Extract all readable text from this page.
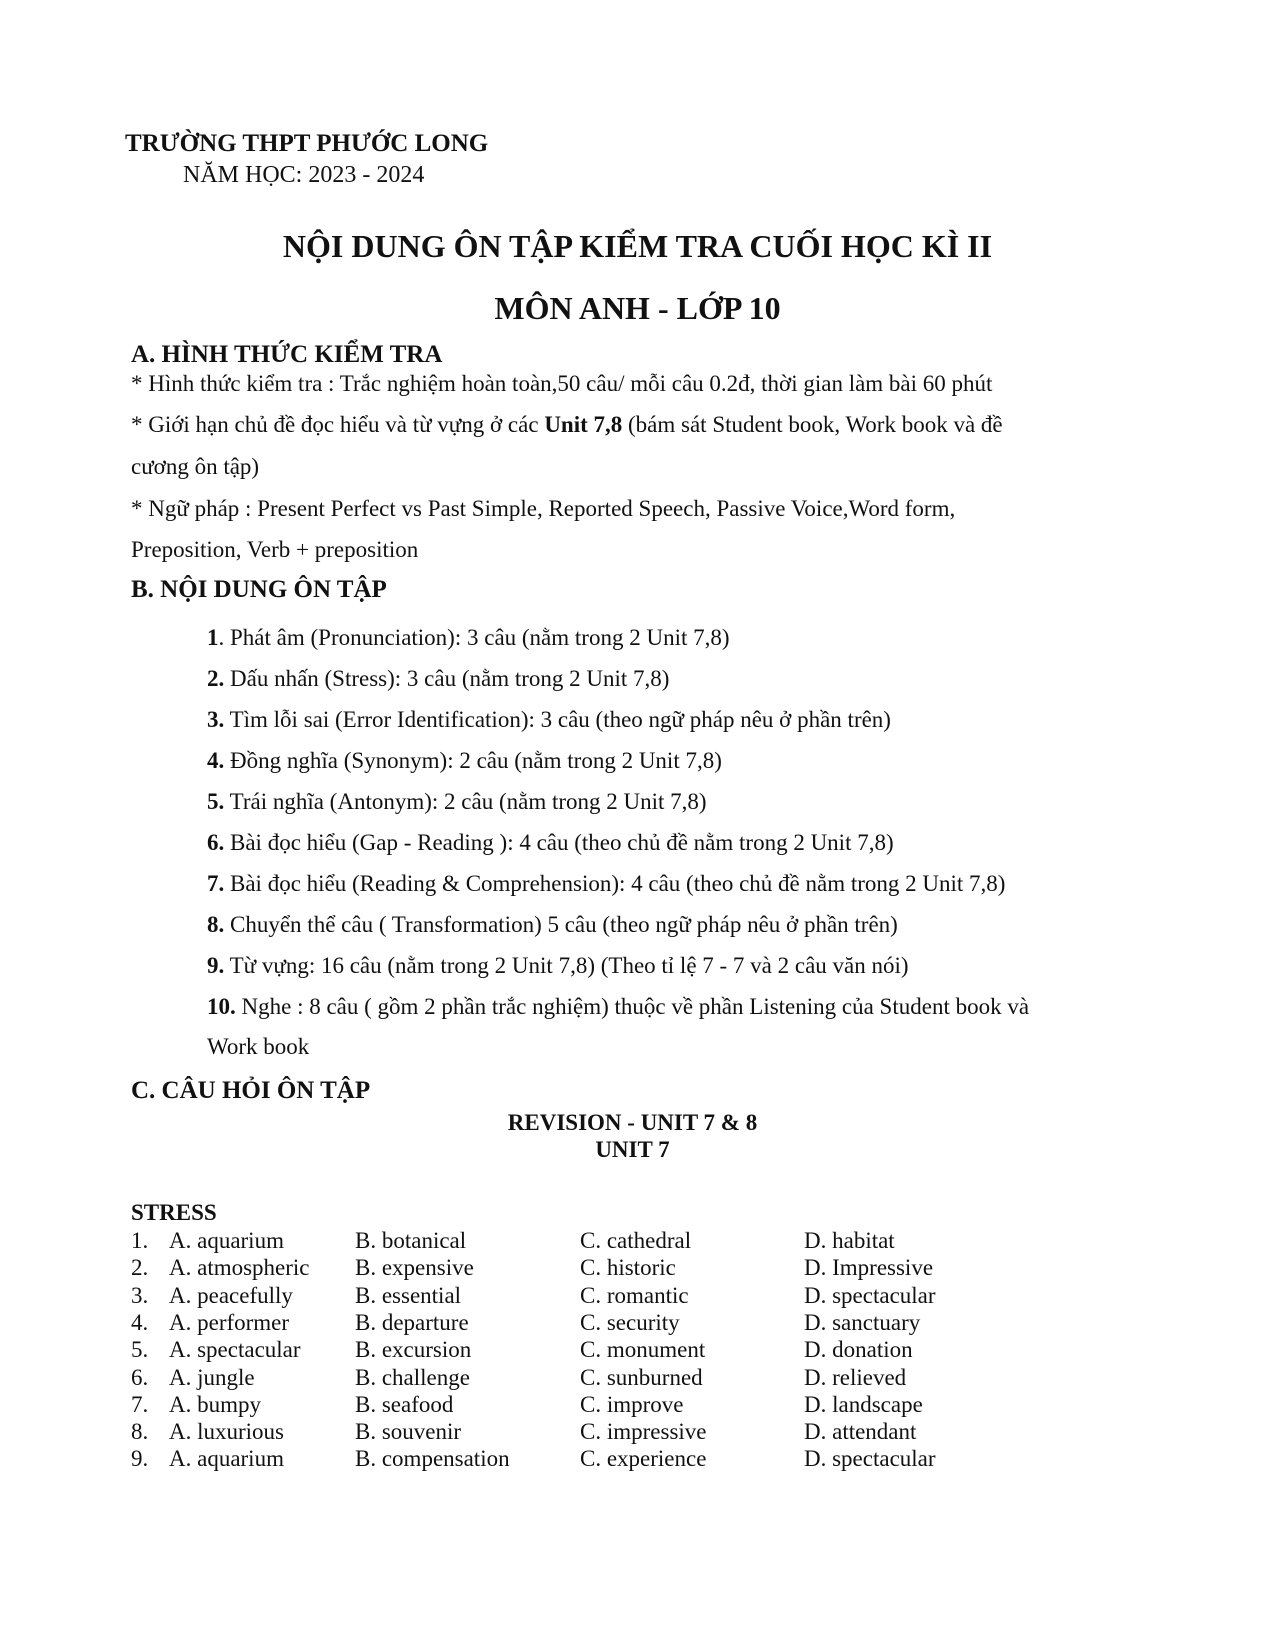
TRƯỜNG THPT PHƯỚC LONG
NĂM HỌC: 2023 - 2024
NỘI DUNG ÔN TẬP KIỂM TRA CUỐI HỌC KÌ II
MÔN ANH - LỚP 10
A. HÌNH THỨC KIỂM TRA
* Hình thức kiểm tra : Trắc nghiệm hoàn toàn,50 câu/ mỗi câu 0.2đ, thời gian làm bài 60 phút
* Giới hạn chủ đề đọc hiểu và từ vựng ở các Unit 7,8 (bám sát Student book, Work book và đề
cương ôn tập)
* Ngữ pháp : Present Perfect vs Past Simple, Reported Speech, Passive Voice,Word form,
Preposition, Verb + preposition
B. NỘI DUNG ÔN TẬP
1. Phát âm (Pronunciation): 3 câu (nằm trong 2 Unit 7,8)
2. Dấu nhấn (Stress): 3 câu (nằm trong 2 Unit 7,8)
3. Tìm lỗi sai (Error Identification): 3 câu (theo ngữ pháp nêu ở phần trên)
4. Đồng nghĩa (Synonym): 2 câu (nằm trong 2 Unit 7,8)
5. Trái nghĩa (Antonym): 2 câu (nằm trong 2 Unit 7,8)
6. Bài đọc hiểu (Gap - Reading ): 4 câu (theo chủ đề nằm trong 2 Unit 7,8)
7. Bài đọc hiểu (Reading & Comprehension): 4 câu (theo chủ đề nằm trong 2 Unit 7,8)
8. Chuyển thể câu ( Transformation) 5 câu (theo ngữ pháp nêu ở phần trên)
9. Từ vựng: 16 câu (nằm trong 2 Unit 7,8) (Theo tỉ lệ 7 - 7 và 2 câu văn nói)
10. Nghe : 8 câu ( gồm 2 phần trắc nghiệm) thuộc về phần Listening của Student book và
Work book
C. CÂU HỎI ÔN TẬP
REVISION - UNIT 7 & 8
UNIT 7
STRESS
1. A. aquarium	B. botanical	C. cathedral	D. habitat
2. A. atmospheric B. expensive	C. historic	D. Impressive
3. A. peacefully	B. essential	C. romantic	D. spectacular
4. A. performer	B. departure	C. security	D. sanctuary
5. A. spectacular B. excursion	C. monument	D. donation
6. A. jungle	B. challenge	C. sunburned	D. relieved
7. A. bumpy	B. seafood	C. improve	D. landscape
8. A. luxurious	B. souvenir	C. impressive	D. attendant
9. A. aquarium	B. compensation	C. experience	D. spectacular
